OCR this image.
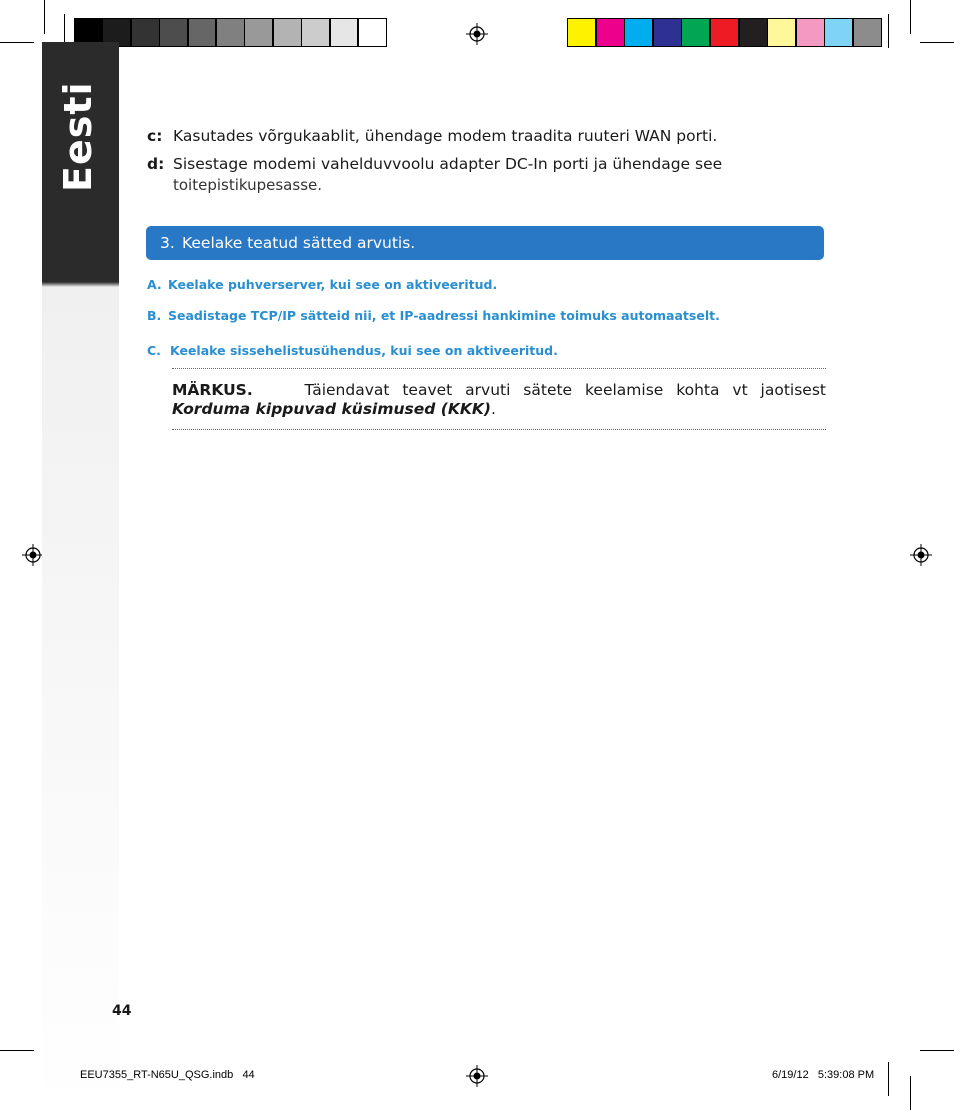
Eesti	c: Kasutades võrgukaablit, ühendage modem traadita ruuteri WAN porti.
d: Sisestage modemi vahelduvvoolu adapter DC-In porti ja ühendage see
toitepistikupesasse.
3. Keelake teatud sätted arvutis.
A. Keelake puhverserver, kui see on aktiveeritud.
B. Seadistage TCP/IP sätteid nii, et IP-aadressi hankimine toimuks automaatselt.
C. Keelake sissehelistusühendus, kui see on aktiveeritud.
MÄRKUS.	Täiendavat teavet arvuti sätete keelamise kohta vt jaotisest Korduma kippuvad küsimused (KKK).
44
EEU7355_RT-N65U_QSG.indb   44	6/19/12   5:39:08 PM
